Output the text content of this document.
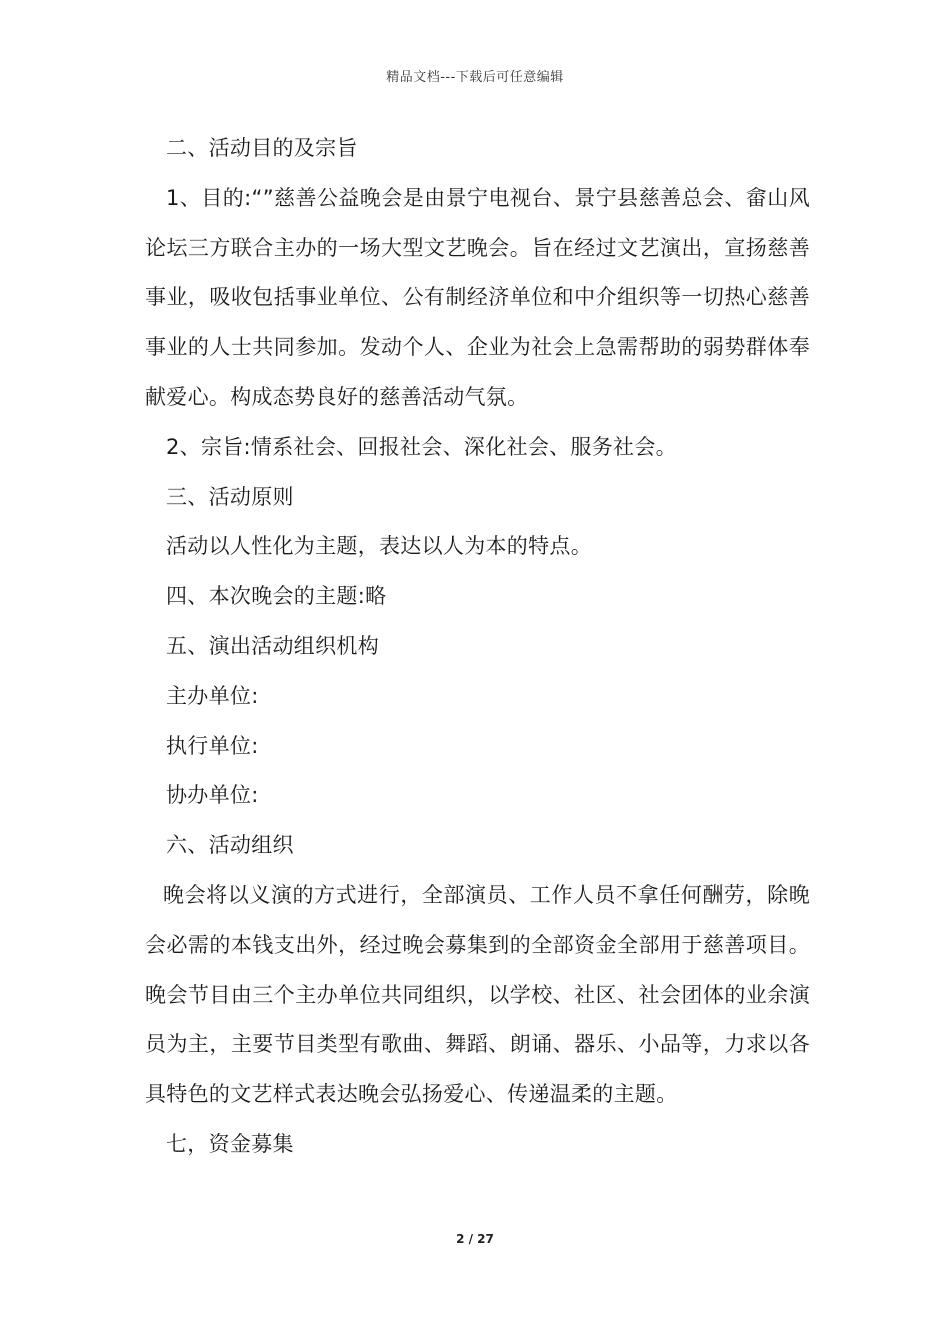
精品文档---下载后可任意编辑

二、活动目的及宗旨

1、目的:“”慈善公益晚会是由景宁电视台、景宁县慈善总会、畲山风论坛三方联合主办的一场大型文艺晚会。旨在经过文艺演出，宣扬慈善事业，吸收包括事业单位、公有制经济单位和中介组织等一切热心慈善事业的人士共同参加。发动个人、企业为社会上急需帮助的弱势群体奉献爱心。构成态势良好的慈善活动气氛。

2、宗旨:情系社会、回报社会、深化社会、服务社会。

三、活动原则

活动以人性化为主题，表达以人为本的特点。

四、本次晚会的主题:略

五、演出活动组织机构

主办单位:

执行单位:

协办单位:

六、活动组织

晚会将以义演的方式进行，全部演员、工作人员不拿任何酬劳，除晚会必需的本钱支出外，经过晚会募集到的全部资金全部用于慈善项目。晚会节目由三个主办单位共同组织，以学校、社区、社会团体的业余演员为主，主要节目类型有歌曲、舞蹈、朗诵、器乐、小品等，力求以各具特色的文艺样式表达晚会弘扬爱心、传递温柔的主题。

七，资金募集

2 / 27
